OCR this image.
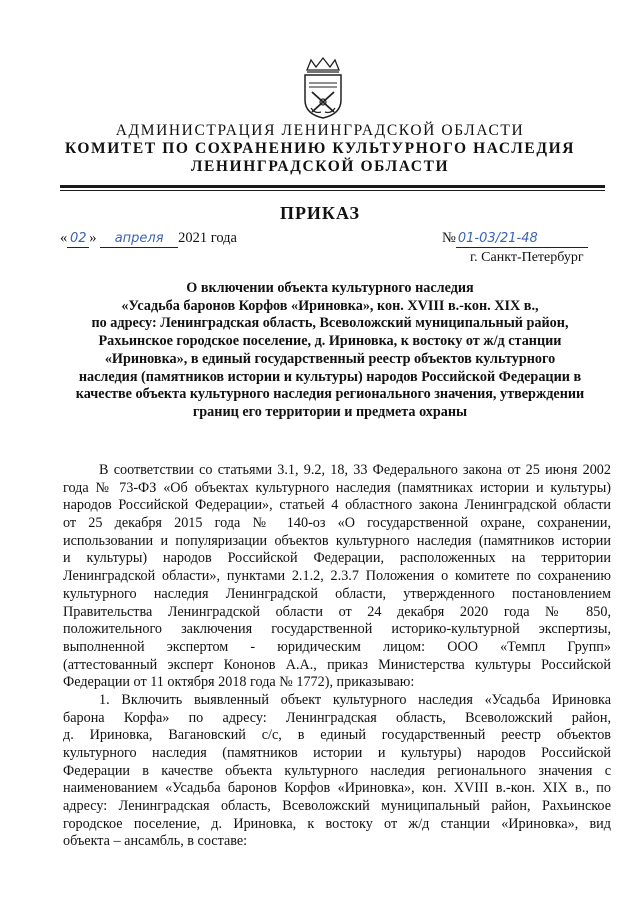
АДМИНИСТРАЦИЯ ЛЕНИНГРАДСКОЙ ОБЛАСТИ
КОМИТЕТ ПО СОХРАНЕНИЮ КУЛЬТУРНОГО НАСЛЕДИЯ
ЛЕНИНГРАДСКОЙ ОБЛАСТИ
ПРИКАЗ
« 02 » апреля 2021 года	№ 01-03/21-48
г. Санкт-Петербург
О включении объекта культурного наследия
«Усадьба баронов Корфов «Ириновка», кон. XVIII в.-кон. XIX в.,
по адресу: Ленинградская область, Всеволожский муниципальный район,
Рахьинское городское поселение, д. Ириновка, к востоку от ж/д станции
«Ириновка», в единый государственный реестр объектов культурного
наследия (памятников истории и культуры) народов Российской Федерации в
качестве объекта культурного наследия регионального значения, утверждении
границ его территории и предмета охраны
В соответствии со статьями 3.1, 9.2, 18, 33 Федерального закона от 25 июня 2002
года № 73-ФЗ «Об объектах культурного наследия (памятниках истории и культуры)
народов Российской Федерации», статьей 4 областного закона Ленинградской области
от 25 декабря 2015 года № 140-оз «О государственной охране, сохранении,
использовании и популяризации объектов культурного наследия (памятников истории
и культуры) народов Российской Федерации, расположенных на территории
Ленинградской области», пунктами 2.1.2, 2.3.7 Положения о комитете по сохранению
культурного наследия Ленинградской области, утвержденного постановлением
Правительства Ленинградской области от 24 декабря 2020 года № 850,
положительного заключения государственной историко-культурной экспертизы,
выполненной экспертом - юридическим лицом: ООО «Темпл Групп»
(аттестованный эксперт Кононов А.А., приказ Министерства культуры Российской
Федерации от 11 октября 2018 года № 1772), приказываю:
1. Включить выявленный объект культурного наследия «Усадьба Ириновка
барона Корфа» по адресу: Ленинградская область, Всеволожский район,
д. Ириновка, Вагановский с/с, в единый государственный реестр объектов
культурного наследия (памятников истории и культуры) народов Российской
Федерации в качестве объекта культурного наследия регионального значения с
наименованием «Усадьба баронов Корфов «Ириновка», кон. XVIII в.-кон. XIX в., по
адресу: Ленинградская область, Всеволожский муниципальный район, Рахьинское
городское поселение, д. Ириновка, к востоку от ж/д станции «Ириновка», вид
объекта – ансамбль, в составе:
